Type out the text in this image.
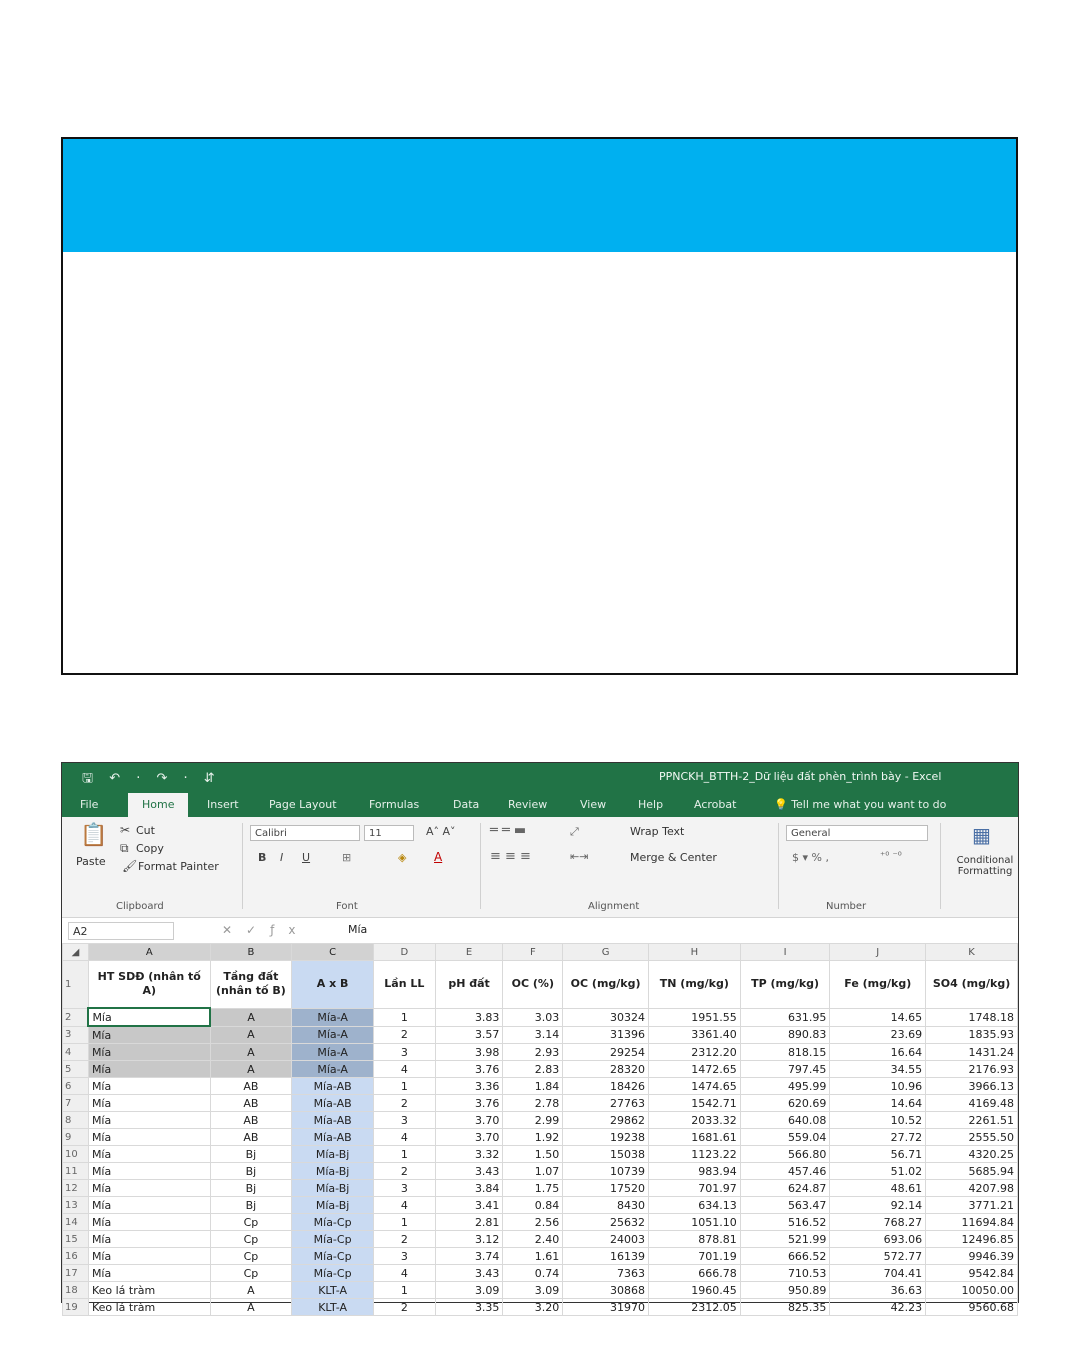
🖫 ↶ · ↷ · ⇵	PPNCKH_BTTH-2_Dữ liệu đất phèn_trình bày - Excel
File	Home	Insert	Page Layout	Formulas	Data	Review	View	Help	Acrobat	💡 Tell me what you want to do
📋
Paste
✂ Cut
⧉ Copy
🖌 Format Painter
Clipboard
Calibri	11	A˄ A˅
B I U	⊞	◈ A
Font
═ ═ ▬	⤢
≡ ≡ ≡	⇤⇥
Wrap Text
Merge & Center
Alignment
General
$ ▾ % ,	⁺⁰ ⁻⁰
Number
▦
Conditional Formatting
A2	✕✓ƒx	Mía
◢	A	B	C	D	E	F	G	H	I	J	K
1	HT SDĐ (nhân tố A)	Tầng đất (nhân tố B)	A x B	Lần LL	pH đất	OC (%)	OC (mg/kg)	TN (mg/kg)	TP (mg/kg)	Fe (mg/kg)	SO4 (mg/kg)
2	Mía	A	Mía-A	1	3.83	3.03	30324	1951.55	631.95	14.65	1748.18
3	Mía	A	Mía-A	2	3.57	3.14	31396	3361.40	890.83	23.69	1835.93
4	Mía	A	Mía-A	3	3.98	2.93	29254	2312.20	818.15	16.64	1431.24
5	Mía	A	Mía-A	4	3.76	2.83	28320	1472.65	797.45	34.55	2176.93
6	Mía	AB	Mía-AB	1	3.36	1.84	18426	1474.65	495.99	10.96	3966.13
7	Mía	AB	Mía-AB	2	3.76	2.78	27763	1542.71	620.69	14.64	4169.48
8	Mía	AB	Mía-AB	3	3.70	2.99	29862	2033.32	640.08	10.52	2261.51
9	Mía	AB	Mía-AB	4	3.70	1.92	19238	1681.61	559.04	27.72	2555.50
10	Mía	Bj	Mía-Bj	1	3.32	1.50	15038	1123.22	566.80	56.71	4320.25
11	Mía	Bj	Mía-Bj	2	3.43	1.07	10739	983.94	457.46	51.02	5685.94
12	Mía	Bj	Mía-Bj	3	3.84	1.75	17520	701.97	624.87	48.61	4207.98
13	Mía	Bj	Mía-Bj	4	3.41	0.84	8430	634.13	563.47	92.14	3771.21
14	Mía	Cp	Mía-Cp	1	2.81	2.56	25632	1051.10	516.52	768.27	11694.84
15	Mía	Cp	Mía-Cp	2	3.12	2.40	24003	878.81	521.99	693.06	12496.85
16	Mía	Cp	Mía-Cp	3	3.74	1.61	16139	701.19	666.52	572.77	9946.39
17	Mía	Cp	Mía-Cp	4	3.43	0.74	7363	666.78	710.53	704.41	9542.84
18	Keo lá tràm	A	KLT-A	1	3.09	3.09	30868	1960.45	950.89	36.63	10050.00
19	Keo lá tràm	A	KLT-A	2	3.35	3.20	31970	2312.05	825.35	42.23	9560.68
